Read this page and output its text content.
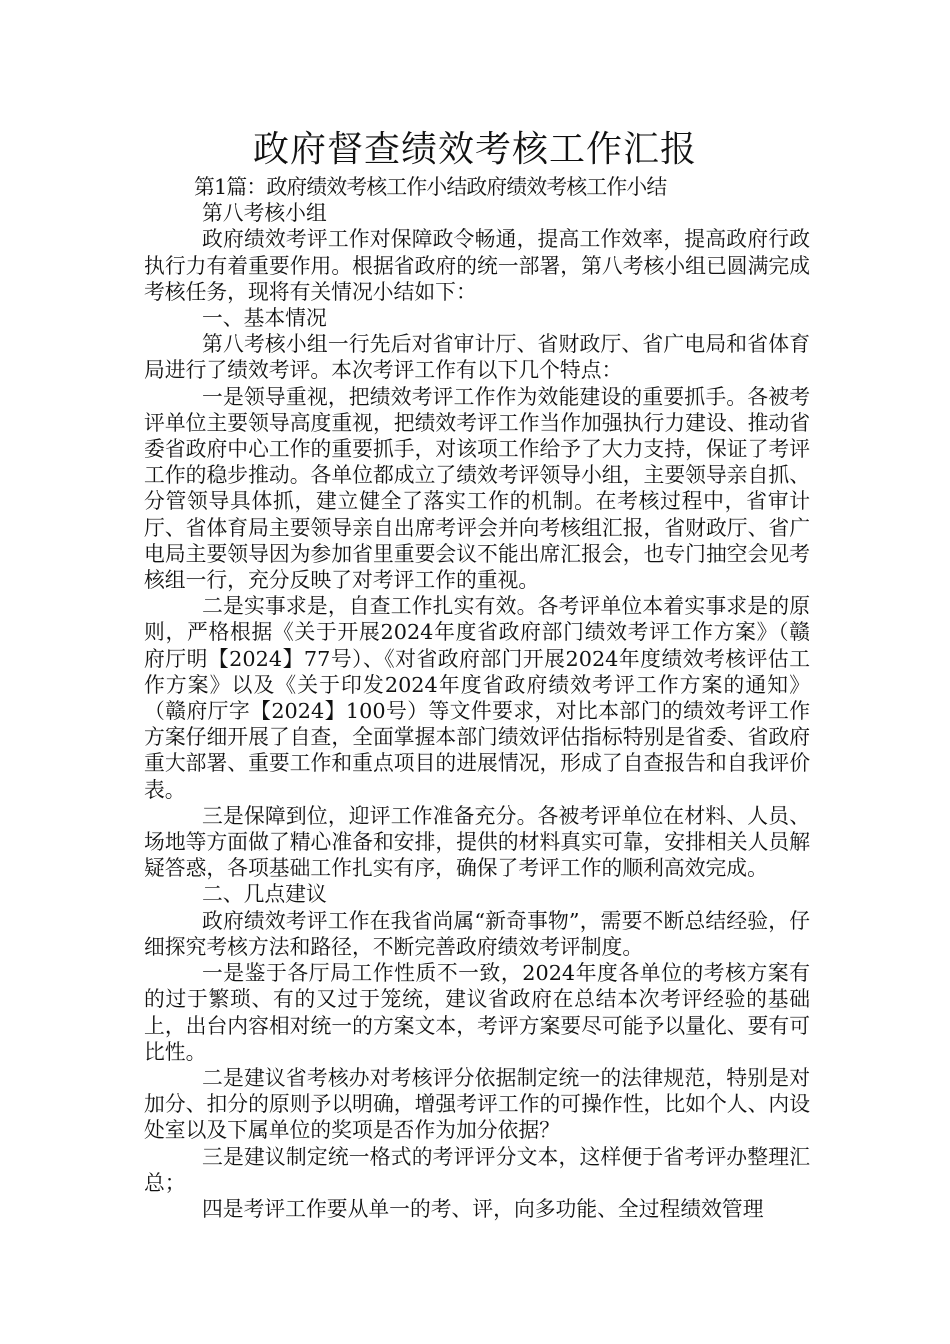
政府督查绩效考核工作汇报

第1篇：政府绩效考核工作小结政府绩效考核工作小结

第八考核小组

政府绩效考评工作对保障政令畅通，提高工作效率，提高政府行政执行力有着重要作用。根据省政府的统一部署，第八考核小组已圆满完成考核任务，现将有关情况小结如下：

一、基本情况

第八考核小组一行先后对省审计厅、省财政厅、省广电局和省体育局进行了绩效考评。本次考评工作有以下几个特点：

一是领导重视，把绩效考评工作作为效能建设的重要抓手。各被考评单位主要领导高度重视，把绩效考评工作当作加强执行力建设、推动省委省政府中心工作的重要抓手，对该项工作给予了大力支持，保证了考评工作的稳步推动。各单位都成立了绩效考评领导小组，主要领导亲自抓、分管领导具体抓，建立健全了落实工作的机制。在考核过程中，省审计厅、省体育局主要领导亲自出席考评会并向考核组汇报，省财政厅、省广电局主要领导因为参加省里重要会议不能出席汇报会，也专门抽空会见考核组一行，充分反映了对考评工作的重视。

二是实事求是，自查工作扎实有效。各考评单位本着实事求是的原则，严格根据《关于开展2024年度省政府部门绩效考评工作方案》（赣府厅明【2024】77号）、《对省政府部门开展2024年度绩效考核评估工作方案》以及《关于印发2024年度省政府绩效考评工作方案的通知》（赣府厅字【2024】100号）等文件要求，对比本部门的绩效考评工作方案仔细开展了自查，全面掌握本部门绩效评估指标特别是省委、省政府重大部署、重要工作和重点项目的进展情况，形成了自查报告和自我评价表。

三是保障到位，迎评工作准备充分。各被考评单位在材料、人员、场地等方面做了精心准备和安排，提供的材料真实可靠，安排相关人员解疑答惑，各项基础工作扎实有序，确保了考评工作的顺利高效完成。

二、几点建议

政府绩效考评工作在我省尚属“新奇事物”，需要不断总结经验，仔细探究考核方法和路径，不断完善政府绩效考评制度。

一是鉴于各厅局工作性质不一致，2024年度各单位的考核方案有的过于繁琐、有的又过于笼统，建议省政府在总结本次考评经验的基础上，出台内容相对统一的方案文本，考评方案要尽可能予以量化、要有可比性。

二是建议省考核办对考核评分依据制定统一的法律规范，特别是对加分、扣分的原则予以明确，增强考评工作的可操作性，比如个人、内设处室以及下属单位的奖项是否作为加分依据？

三是建议制定统一格式的考评评分文本，这样便于省考评办整理汇总；

四是考评工作要从单一的考、评，向多功能、全过程绩效管理
